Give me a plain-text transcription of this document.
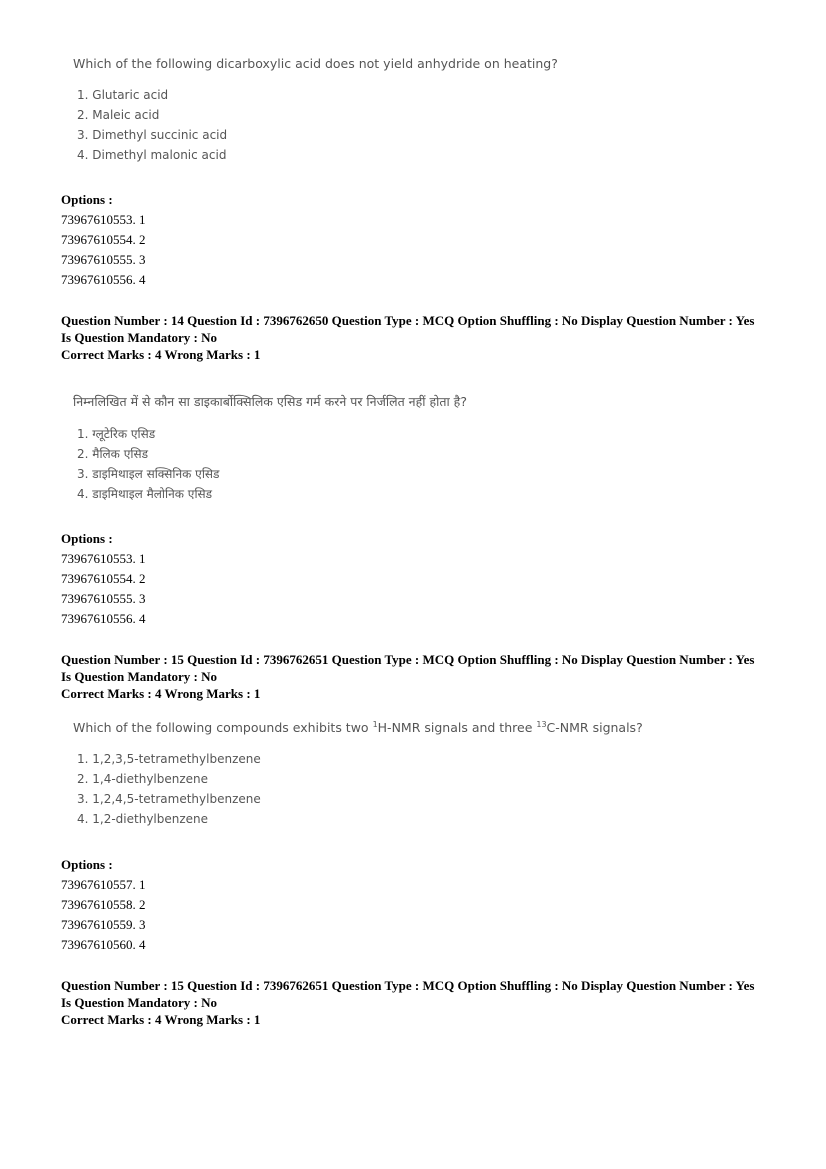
Which of the following dicarboxylic acid does not yield anhydride on heating?
1. Glutaric acid
2. Maleic acid
3. Dimethyl succinic acid
4. Dimethyl malonic acid
Options :
73967610553. 1
73967610554. 2
73967610555. 3
73967610556. 4
Question Number : 14 Question Id : 7396762650 Question Type : MCQ Option Shuffling : No Display Question Number : Yes
Is Question Mandatory : No
Correct Marks : 4 Wrong Marks : 1
निम्नलिखित में से कौन सा डाइकार्बोक्सिलिक एसिड गर्म करने पर निर्जलित नहीं होता है?
1. ग्लूटेरिक एसिड
2. मैलिक एसिड
3. डाइमिथाइल सक्सिनिक एसिड
4. डाइमिथाइल मैलोनिक एसिड
Options :
73967610553. 1
73967610554. 2
73967610555. 3
73967610556. 4
Question Number : 15 Question Id : 7396762651 Question Type : MCQ Option Shuffling : No Display Question Number : Yes
Is Question Mandatory : No
Correct Marks : 4 Wrong Marks : 1
Which of the following compounds exhibits two $^1$H-NMR signals and three $^{13}$C-NMR signals?
1. 1,2,3,5-tetramethylbenzene
2. 1,4-diethylbenzene
3. 1,2,4,5-tetramethylbenzene
4. 1,2-diethylbenzene
Options :
73967610557. 1
73967610558. 2
73967610559. 3
73967610560. 4
Question Number : 15 Question Id : 7396762651 Question Type : MCQ Option Shuffling : No Display Question Number : Yes
Is Question Mandatory : No
Correct Marks : 4 Wrong Marks : 1
